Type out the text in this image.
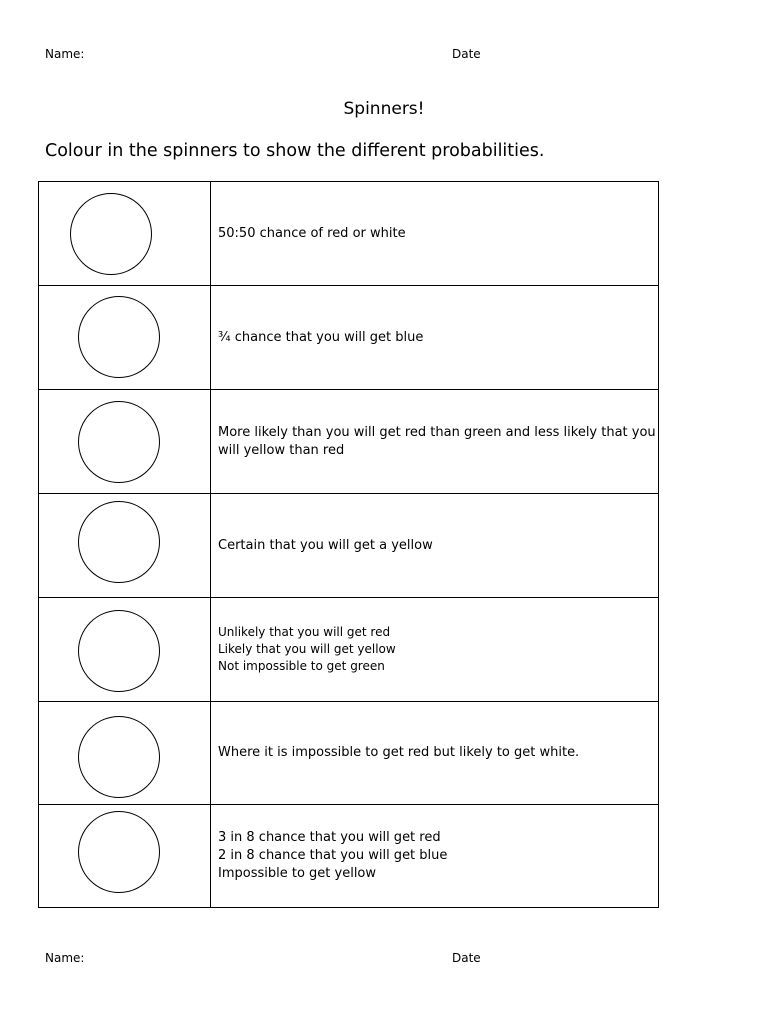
Name:	Date
Spinners!
Colour in the spinners to show the different probabilities.
50:50 chance of red or white
¾ chance that you will get blue
More likely than you will get red than green and less likely that you
will yellow than red
Certain that you will get a yellow
Unlikely that you will get red
Likely that you will get yellow
Not impossible to get green
Where it is impossible to get red but likely to get white.
3 in 8 chance that you will get red
2 in 8 chance that you will get blue
Impossible to get yellow
Name:	Date
